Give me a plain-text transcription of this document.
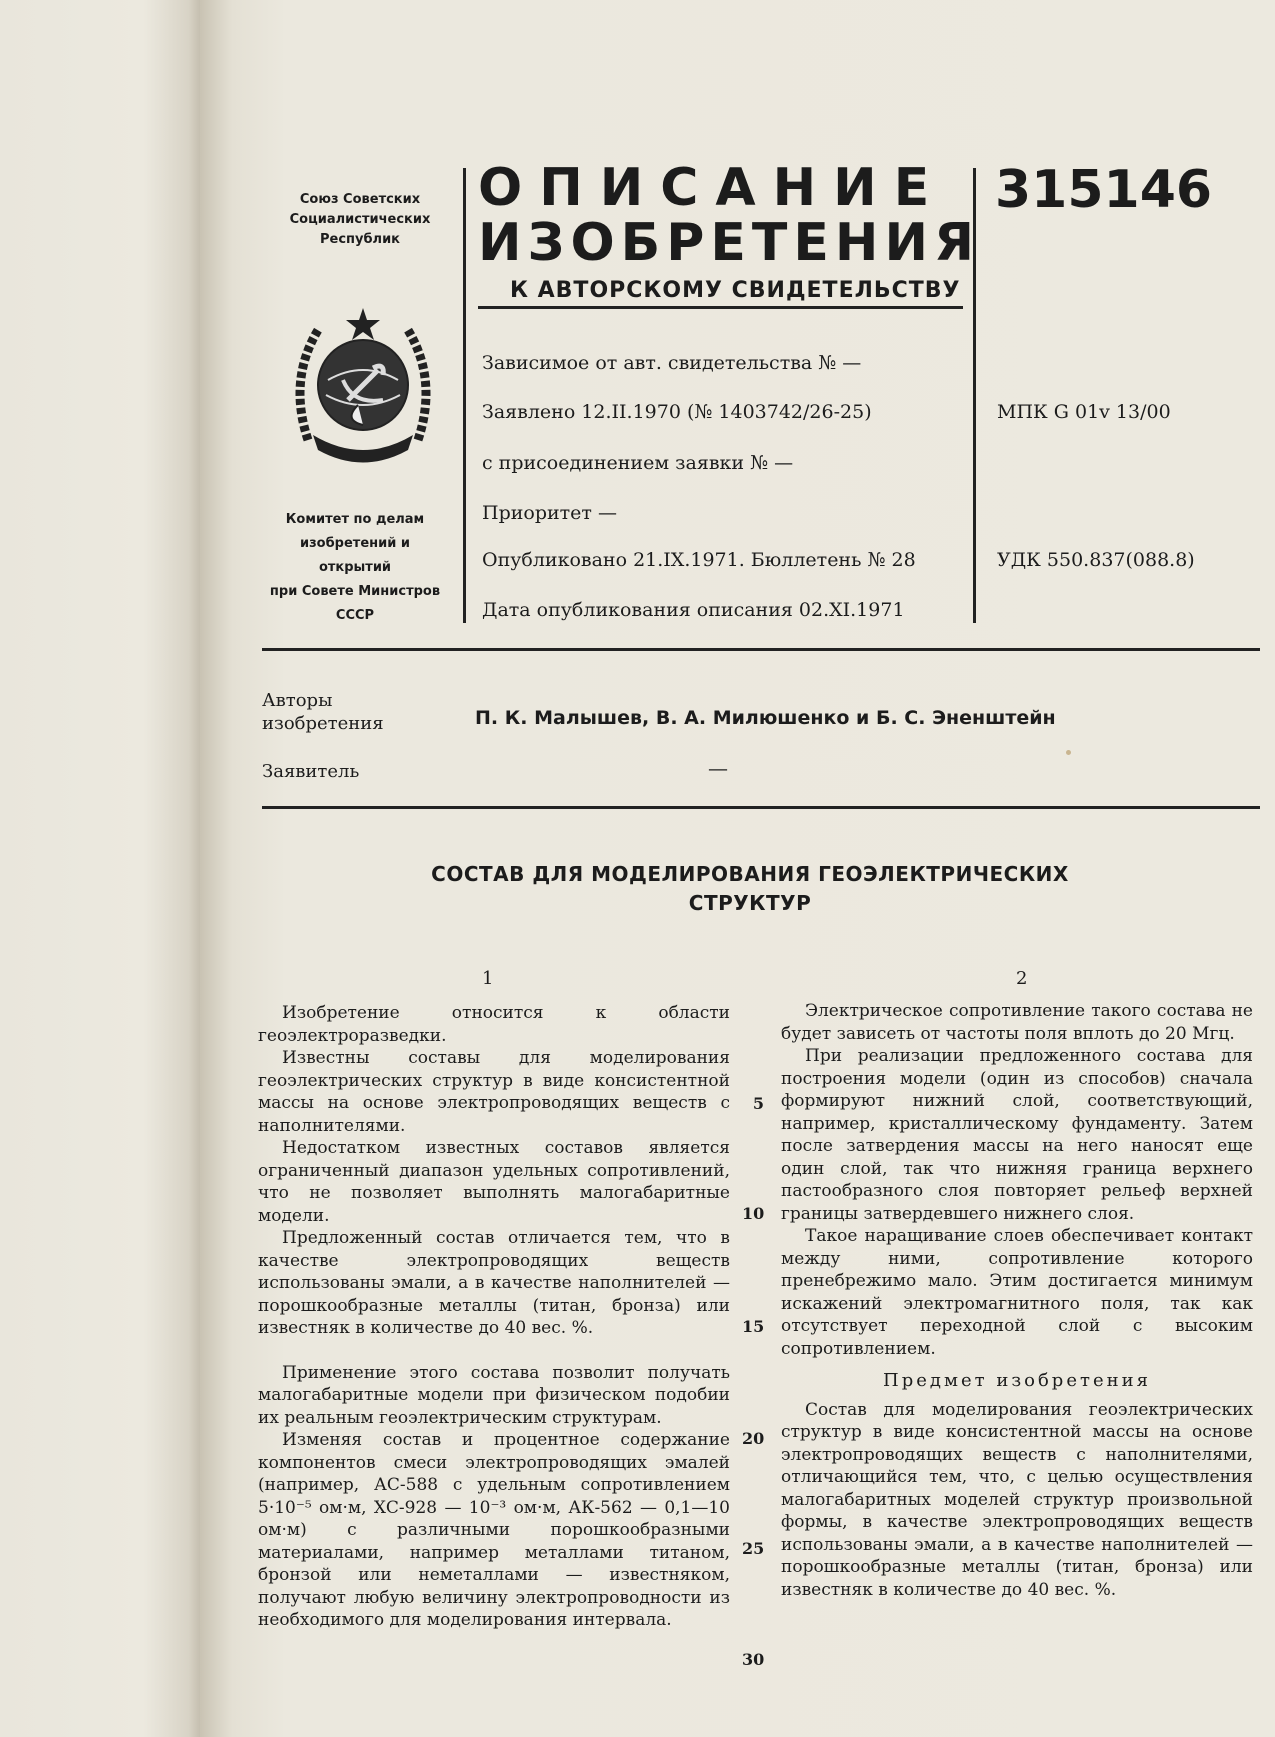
Союз Советских
Социалистических
Республик
Комитет по делам
изобретений и открытий
при Совете Министров
СССР
ОПИСАНИЕ
ИЗОБРЕТЕНИЯ
К АВТОРСКОМУ СВИДЕТЕЛЬСТВУ
315146
Зависимое от авт. свидетельства № —
Заявлено 12.II.1970 (№ 1403742/26-25)
с присоединением заявки № —
Приоритет —
Опубликовано 21.IX.1971. Бюллетень № 28
Дата опубликования описания 02.XI.1971
МПК G 01v 13/00
УДК 550.837(088.8)
Авторы
изобретения	П. К. Малышев, В. А. Милюшенко и Б. С. Эненштейн
Заявитель	—
СОСТАВ ДЛЯ МОДЕЛИРОВАНИЯ ГЕОЭЛЕКТРИЧЕСКИХ
СТРУКТУР
1	2

Изобретение относится к области геоэлектроразведки.

Известны составы для моделирования геоэлектрических структур в виде консистентной массы на основе электропроводящих веществ с наполнителями.

Недостатком известных составов является ограниченный диапазон удельных сопротивлений, что не позволяет выполнять малогабаритные модели.

Предложенный состав отличается тем, что в качестве электропроводящих веществ использованы эмали, а в качестве наполнителей — порошкообразные металлы (титан, бронза) или известняк в количестве до 40 вес. %.

Применение этого состава позволит получать малогабаритные модели при физическом подобии их реальным геоэлектрическим структурам.

Изменяя состав и процентное содержание компонентов смеси электропроводящих эмалей (например, АС-588 с удельным сопротивлением 5·10⁻⁵ ом·м, ХС-928 — 10⁻³ ом·м, АК-562 — 0,1—10 ом·м) с различными порошкообразными материалами, например металлами титаном, бронзой или неметаллами — известняком, получают любую величину электропроводности из необходимого для моделирования интервала.

5
10
15
20
25
30

Электрическое сопротивление такого состава не будет зависеть от частоты поля вплоть до 20 Мгц.

При реализации предложенного состава для построения модели (один из способов) сначала формируют нижний слой, соответствующий, например, кристаллическому фундаменту. Затем после затвердения массы на него наносят еще один слой, так что нижняя граница верхнего пастообразного слоя повторяет рельеф верхней границы затвердевшего нижнего слоя.

Такое наращивание слоев обеспечивает контакт между ними, сопротивление которого пренебрежимо мало. Этим достигается минимум искажений электромагнитного поля, так как отсутствует переходной слой с высоким сопротивлением.

Предмет изобретения

Состав для моделирования геоэлектрических структур в виде консистентной массы на основе электропроводящих веществ с наполнителями, отличающийся тем, что, с целью осуществления малогабаритных моделей структур произвольной формы, в качестве электропроводящих веществ использованы эмали, а в качестве наполнителей — порошкообразные металлы (титан, бронза) или известняк в количестве до 40 вес. %.
